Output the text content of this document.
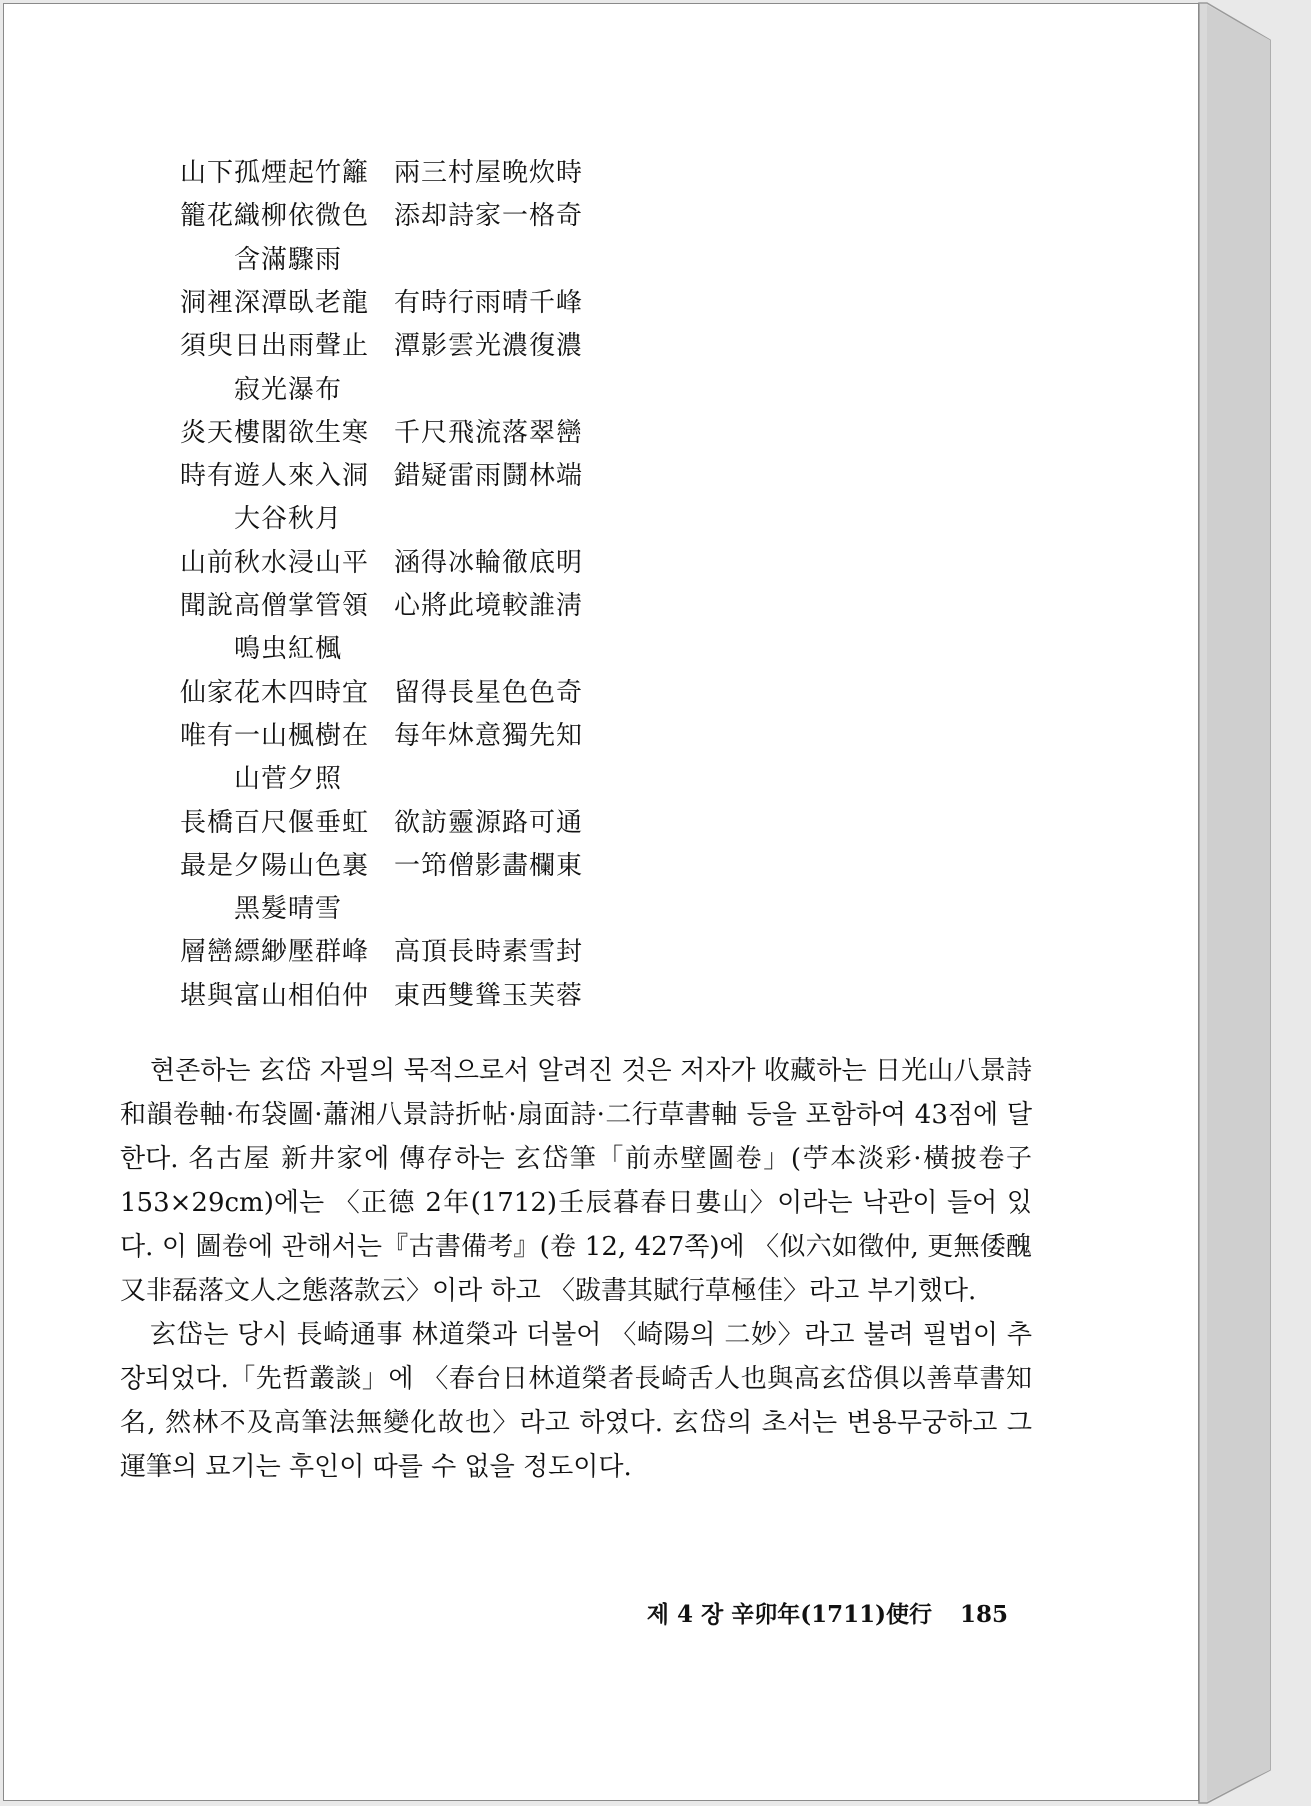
山下孤煙起竹籬 兩三村屋晩炊時
籠花織柳依微色 添却詩家一格奇
含滿驟雨
洞裡深潭臥老龍 有時行雨晴千峰
須臾日出雨聲止 潭影雲光濃復濃
寂光瀑布
炎天樓閣欲生寒 千尺飛流落翠巒
時有遊人來入洞 錯疑雷雨鬪林端
大谷秋月
山前秋水浸山平 涵得冰輪徹底明
聞說高僧掌管領 心將此境較誰淸
鳴虫紅楓
仙家花木四時宜 留得長星色色奇
唯有一山楓樹在 每年炑意獨先知
山菅夕照
長橋百尺偃垂虹 欲訪靈源路可通
最是夕陽山色裏 一笻僧影畵欄東
黑髮晴雪
層巒縹緲壓群峰 高頂長時素雪封
堪與富山相伯仲 東西雙聳玉芙蓉

현존하는 玄岱 자필의 묵적으로서 알려진 것은 저자가 收藏하는 日光山八景詩和韻卷軸·布袋圖·蕭湘八景詩折帖·扇面詩·二行草書軸 등을 포함하여 43점에 달한다. 名古屋 新井家에 傳存하는 玄岱筆「前赤壁圖卷」(苧本淡彩·橫披卷子 153×29cm)에는 〈正德 2年(1712)壬辰暮春日婁山〉이라는 낙관이 들어 있다. 이 圖卷에 관해서는『古書備考』(卷 12, 427쪽)에 〈似六如徵仲, 更無倭醜又非磊落文人之態落款云〉이라 하고 〈跋書其賦行草極佳〉라고 부기했다.

玄岱는 당시 長崎通事 林道榮과 더불어 〈崎陽의 二妙〉라고 불려 필법이 추장되었다.「先哲叢談」에 〈春台日林道榮者長崎舌人也與高玄岱俱以善草書知名, 然林不及高筆法無變化故也〉라고 하였다. 玄岱의 초서는 변용무궁하고 그 運筆의 묘기는 후인이 따를 수 없을 정도이다.

제 4 장 辛卯年(1711)使行 185
